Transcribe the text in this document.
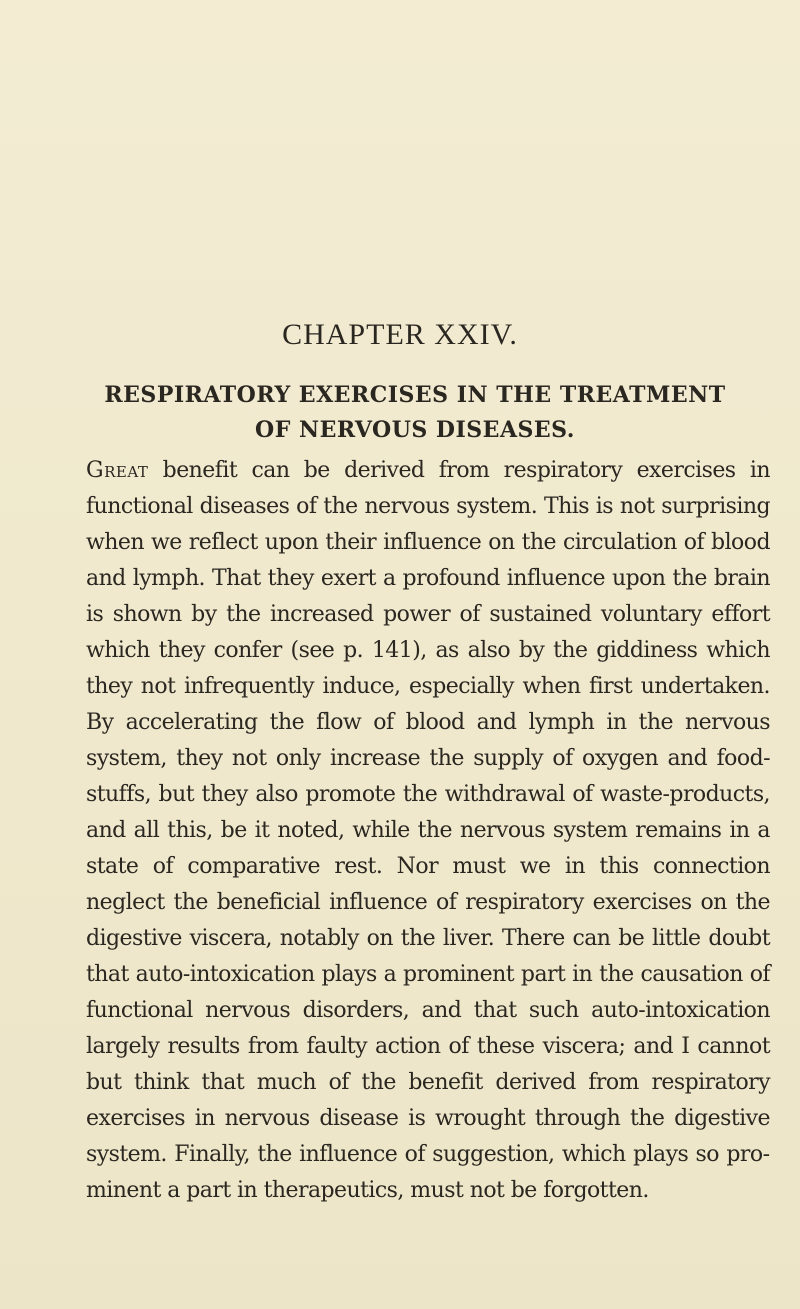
CHAPTER XXIV.
RESPIRATORY EXERCISES IN THE TREATMENT OF NERVOUS DISEASES.

Great benefit can be derived from respiratory exercises in functional diseases of the nervous system. This is not surprising when we reflect upon their influence on the circulation of blood and lymph. That they exert a profound influence upon the brain is shown by the increased power of sustained voluntary effort which they confer (see p. 141), as also by the giddiness which they not infrequently induce, especially when first undertaken. By accelerating the flow of blood and lymph in the nervous system, they not only increase the supply of oxygen and food-stuffs, but they also promote the withdrawal of waste-products, and all this, be it noted, while the nervous system remains in a state of comparative rest. Nor must we in this connection neglect the beneficial influence of respiratory exercises on the digestive viscera, notably on the liver. There can be little doubt that auto-intoxication plays a prominent part in the causation of functional nervous disorders, and that such auto-intoxication largely results from faulty action of these viscera; and I cannot but think that much of the benefit derived from respiratory exercises in nervous disease is wrought through the digestive system. Finally, the influence of suggestion, which plays so prominent a part in therapeutics, must not be forgotten.
